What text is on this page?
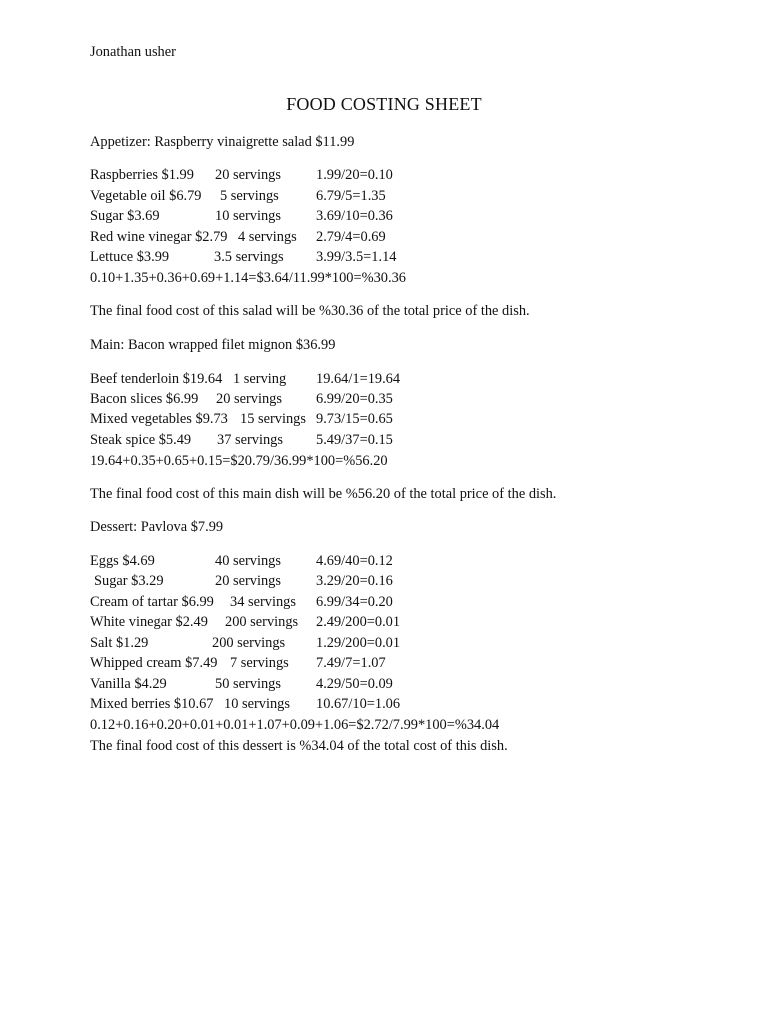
Jonathan usher
FOOD COSTING SHEET
Appetizer: Raspberry vinaigrette salad $11.99
Raspberries $1.99 20 servings 1.99/20=0.10
Vegetable oil $6.79 5 servings	6.79/5=1.35
Sugar $3.69	10 servings 3.69/10=0.36
Red wine vinegar $2.79 4 servings 2.79/4=0.69
Lettuce $3.99	3.5 servings 3.99/3.5=1.14
0.10+1.35+0.36+0.69+1.14=$3.64/11.99*100=%30.36
The final food cost of this salad will be %30.36 of the total price of the dish.
Main: Bacon wrapped filet mignon $36.99
Beef tenderloin $19.64 1 serving 19.64/1=19.64
Bacon slices $6.99 20 servings 6.99/20=0.35
Mixed vegetables $9.73 15 servings 9.73/15=0.65
Steak spice $5.49 37 servings 5.49/37=0.15
19.64+0.35+0.65+0.15=$20.79/36.99*100=%56.20
The final food cost of this main dish will be %56.20 of the total price of the dish.
Dessert: Pavlova $7.99
Eggs $4.69	40 servings 4.69/40=0.12
Sugar $3.29	20 servings 3.29/20=0.16
Cream of tartar $6.99 34 servings 6.99/34=0.20
White vinegar $2.49 200 servings 2.49/200=0.01
Salt $1.29	200 servings 1.29/200=0.01
Whipped cream $7.49 7 servings 7.49/7=1.07
Vanilla $4.29	50 servings 4.29/50=0.09
Mixed berries $10.67 10 servings 10.67/10=1.06
0.12+0.16+0.20+0.01+0.01+1.07+0.09+1.06=$2.72/7.99*100=%34.04
The final food cost of this dessert is %34.04 of the total cost of this dish.
